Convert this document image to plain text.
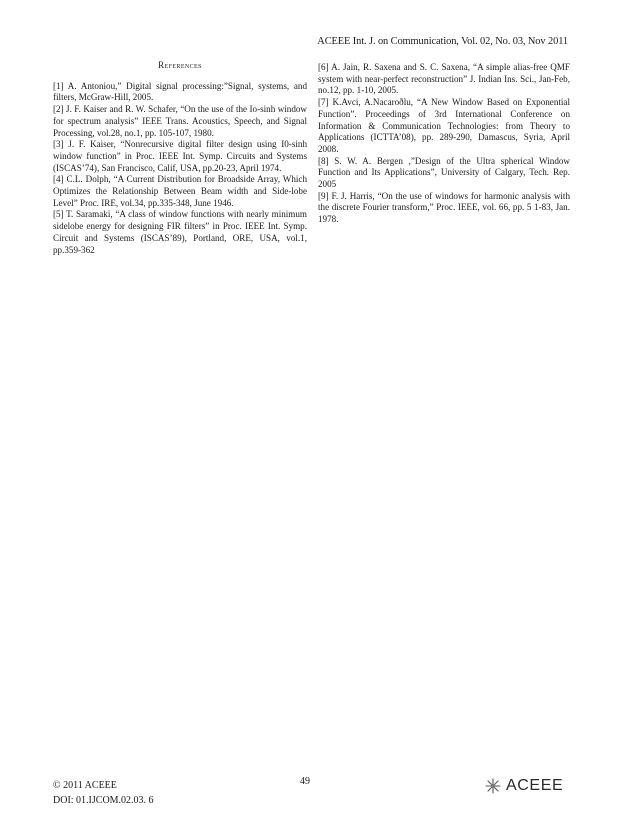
ACEEE Int. J. on Communication, Vol. 02, No. 03, Nov 2011
References

[1] A. Antoniou,” Digital signal processing:”Signal, systems, and filters, McGraw-Hill, 2005.

[2] J. F. Kaiser and R. W. Schafer, “On the use of the Io-sinh window for spectrum analysis” IEEE Trans. Acoustics, Speech, and Signal Processing, vol.28, no.1, pp. 105-107, 1980.

[3] J. F. Kaiser, “Nonrecursive digital filter design using I0-sinh window function” in Proc. IEEE Int. Symp. Circuits and Systems (ISCAS’74), San Francisco, Calif, USA, pp.20-23, April 1974.

[4] C.L. Dolph, “A Current Distribution for Broadside Array, Which Optimizes the Relationship Between Beam width and Side-lobe Level” Proc. IRE, vol.34, pp.335-348, June 1946.

[5] T. Saramaki, “A class of window functions with nearly minimum sidelobe energy for designing FIR filters” in Proc. IEEE Int. Symp. Circuit and Systems (ISCAS’89), Portland, ORE, USA, vol.1, pp.359-362

[6] A. Jain, R. Saxena and S. C. Saxena, “A simple alias-free QMF system with near-perfect reconstruction” J. Indian Ins. Sci., Jan-Feb, no.12, pp. 1-10, 2005.

[7] K.Avci, A.Nacaroðlu, “A New Window Based on Exponential Function”. Proceedings of 3rd International Conference on Information & Communication Technologies: from Theory to Applications (ICTTA’08), pp. 289-290, Damascus, Syria, April 2008.

[8] S. W. A. Bergen ,”Design of the Ultra spherical Window Function and Its Applications”, University of Calgary, Tech. Rep. 2005

[9] F. J. Harris, “On the use of windows for harmonic analysis with the discrete Fourier transform,” Proc. IEEE, vol. 66, pp. 5 1-83, Jan. 1978.

© 2011 ACEEE
DOI: 01.IJCOM.02.03. 6
49	ACEEE
